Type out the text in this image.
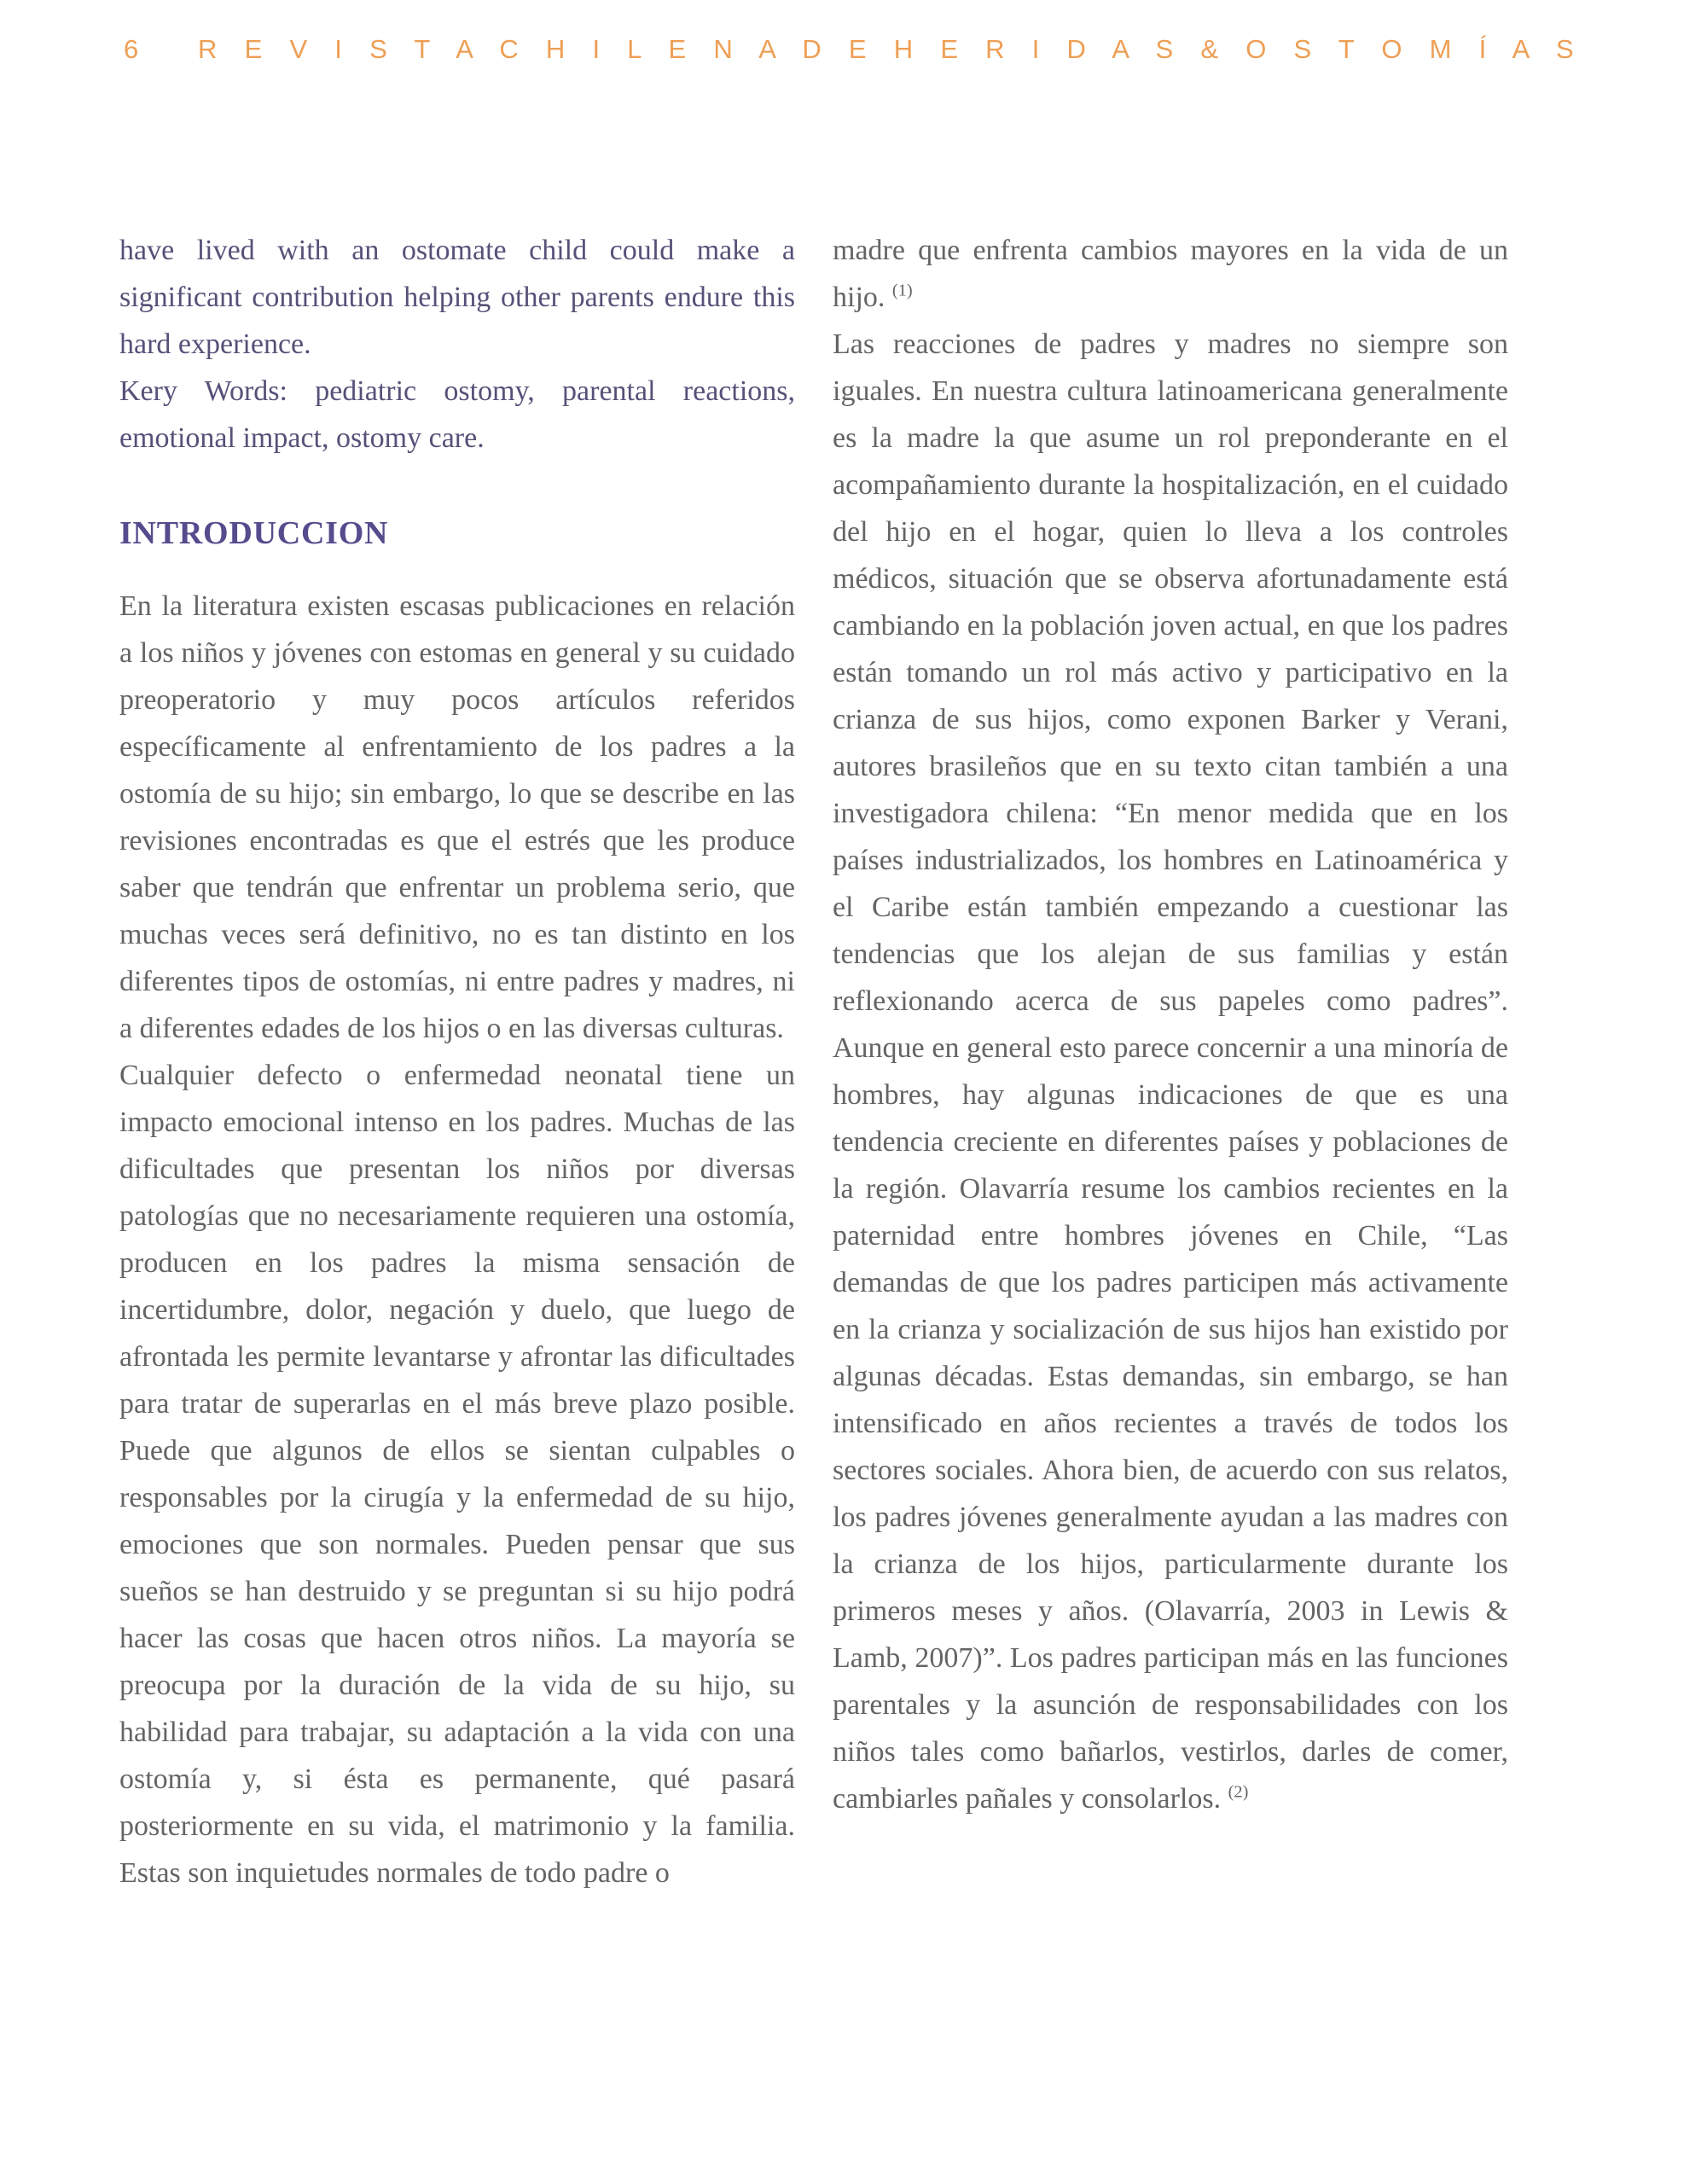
6 R E V I S T A C H I L E N A D E H E R I D A S & O S T O M Í A S

have lived with an ostomate child could make a significant contribution helping other parents endure this hard experience.

Kery Words: pediatric ostomy, parental reactions, emotional impact, ostomy care.

INTRODUCCION

En la literatura existen escasas publicaciones en relación a los niños y jóvenes con estomas en general y su cuidado preoperatorio y muy pocos artículos referidos específicamente al enfrentamiento de los padres a la ostomía de su hijo; sin embargo, lo que se describe en las revisiones encontradas es que el estrés que les produce saber que tendrán que enfrentar un problema serio, que muchas veces será definitivo, no es tan distinto en los diferentes tipos de ostomías, ni entre padres y madres, ni a diferentes edades de los hijos o en las diversas culturas.

Cualquier defecto o enfermedad neonatal tiene un impacto emocional intenso en los padres. Muchas de las dificultades que presentan los niños por diversas patologías que no necesariamente requieren una ostomía, producen en los padres la misma sensación de incertidumbre, dolor, negación y duelo, que luego de afrontada les permite levantarse y afrontar las dificultades para tratar de superarlas en el más breve plazo posible. Puede que algunos de ellos se sientan culpables o responsables por la cirugía y la enfermedad de su hijo, emociones que son normales. Pueden pensar que sus sueños se han destruido y se preguntan si su hijo podrá hacer las cosas que hacen otros niños. La mayoría se preocupa por la duración de la vida de su hijo, su habilidad para trabajar, su adaptación a la vida con una ostomía y, si ésta es permanente, qué pasará posteriormente en su vida, el matrimonio y la familia. Estas son inquietudes normales de todo padre o

madre que enfrenta cambios mayores en la vida de un hijo. $^{(1)}$

Las reacciones de padres y madres no siempre son iguales. En nuestra cultura latinoamericana generalmente es la madre la que asume un rol preponderante en el acompañamiento durante la hospitalización, en el cuidado del hijo en el hogar, quien lo lleva a los controles médicos, situación que se observa afortunadamente está cambiando en la población joven actual, en que los padres están tomando un rol más activo y participativo en la crianza de sus hijos, como exponen Barker y Verani, autores brasileños que en su texto citan también a una investigadora chilena: “En menor medida que en los países industrializados, los hombres en Latinoamérica y el Caribe están también empezando a cuestionar las tendencias que los alejan de sus familias y están reflexionando acerca de sus papeles como padres”. Aunque en general esto parece concernir a una minoría de hombres, hay algunas indicaciones de que es una tendencia creciente en diferentes países y poblaciones de la región. Olavarría resume los cambios recientes en la paternidad entre hombres jóvenes en Chile, “Las demandas de que los padres participen más activamente en la crianza y socialización de sus hijos han existido por algunas décadas. Estas demandas, sin embargo, se han intensificado en años recientes a través de todos los sectores sociales. Ahora bien, de acuerdo con sus relatos, los padres jóvenes generalmente ayudan a las madres con la crianza de los hijos, particularmente durante los primeros meses y años. (Olavarría, 2003 in Lewis & Lamb, 2007)”. Los padres participan más en las funciones parentales y la asunción de responsabilidades con los niños tales como bañarlos, vestirlos, darles de comer, cambiarles pañales y consolarlos. $^{(2)}$
